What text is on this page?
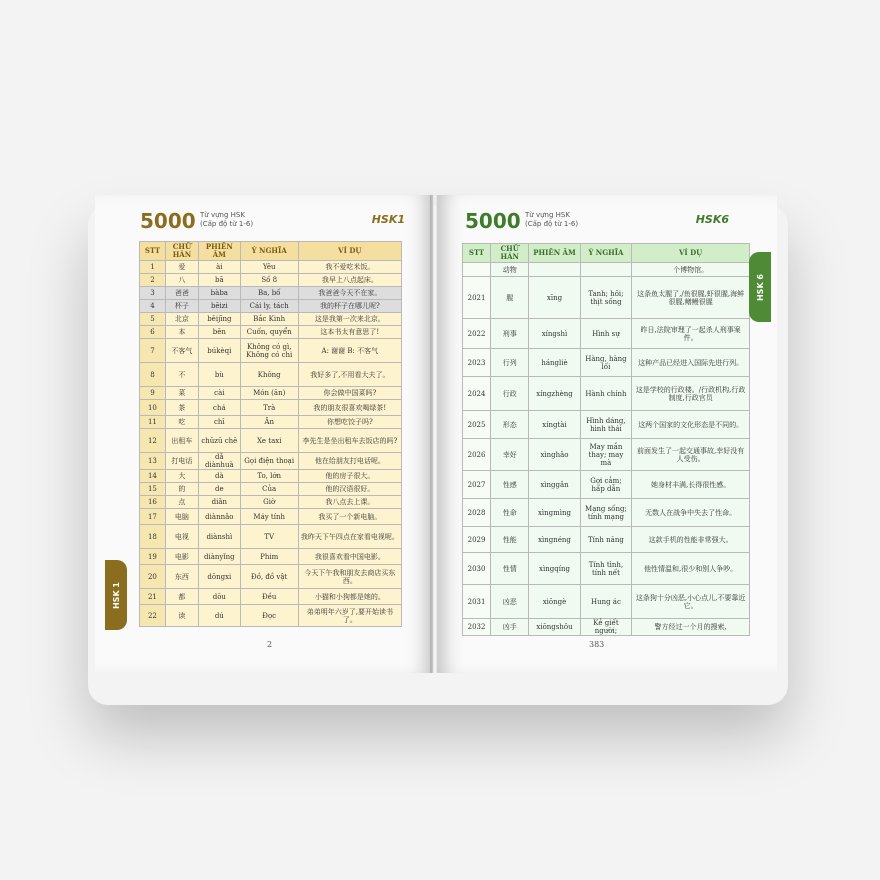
5000 Từ vựng HSK
(Cấp độ từ 1-6)	HSK1
STT	CHỮ HÁN	PHIÊN ÂM	Ý NGHĨA	VÍ DỤ
1	爱	ài	Yêu	我不爱吃米饭。
2	八	bā	Số 8	我早上八点起床。
3	爸爸	bàba	Ba, bố	我爸爸今天不在家。
4	杯子	bēizi	Cái ly, tách	我的杯子在哪儿呢?
5	北京	běijīng	Bắc Kinh	这是我第一次来北京。
6	本	běn	Cuốn, quyển	这本书太有意思了!
7	不客气	búkèqi	Không có gì, Không có chi	A: 谢谢 B: 不客气
8	不	bù	Không	我好多了,不用看大夫了。
9	菜	cài	Món (ăn)	你会做中国菜吗?
10	茶	chá	Trà	我的朋友很喜欢喝绿茶!
11	吃	chī	Ăn	你想吃饺子吗?
12	出租车	chūzū chē	Xe taxi	李先生是坐出租车去饭店的吗?
13	打电话	dǎ diànhuà	Gọi điện thoại	他在给朋友打电话呢。
14	大	dà	To, lớn	他的房子很大。
15	的	de	Của	他的汉语很好。
16	点	diǎn	Giờ	我八点去上课。
17	电脑	diànnǎo	Máy tính	我买了一个新电脑。
18	电视	diànshì	TV	我昨天下午四点在家看电视呢。
19	电影	diànyǐng	Phim	我很喜欢看中国电影。
20	东西	dōngxi	Đồ, đồ vật	今天下午我和朋友去商店买东西。
21	都	dōu	Đều	小猫和小狗都是她的。
22	读	dú	Đọc	弟弟明年六岁了,要开始读书了。
HSK 1
2
5000 Từ vựng HSK
(Cấp độ từ 1-6)	HSK6
STT	CHỮ HÁN	PHIÊN ÂM	Ý NGHĨA	VÍ DỤ
	动物			个博物馆。
2021	腥	xīng	Tanh; hôi; thịt sống	这条鱼太腥了,/鱼很腥,虾很腥,海鲜很腥,鳝鳗很腥
2022	刑事	xíngshì	Hình sự	昨日,法院审理了一起杀人刑事案件。
2023	行列	hángliè	Hàng, hàng lối	这种产品已经进入国际先进行列。
2024	行政	xíngzhèng	Hành chính	这是学校的行政楼。/行政机构,行政制度,行政官员
2025	形态	xíngtài	Hình dáng, hình thái	这两个国家的文化形态是不同的。
2026	幸好	xìnghǎo	May mắn thay; may mà	前面发生了一起交通事故,幸好没有人受伤。
2027	性感	xìnggǎn	Gợi cảm; hấp dẫn	她身材丰满,长得很性感。
2028	性命	xìngmìng	Mạng sống; tính mạng	无数人在战争中失去了性命。
2029	性能	xìngnéng	Tính năng	这款手机的性能非常强大。
2030	性情	xìngqíng	Tính tình, tính nết	他性情温和,很少和别人争吵。
2031	凶恶	xiōngè	Hung ác	这条狗十分凶恶,小心点儿,不要靠近它。
2032	凶手	xiōngshǒu	Kẻ giết người;	警方经过一个月的搜索,
HSK 6
383
